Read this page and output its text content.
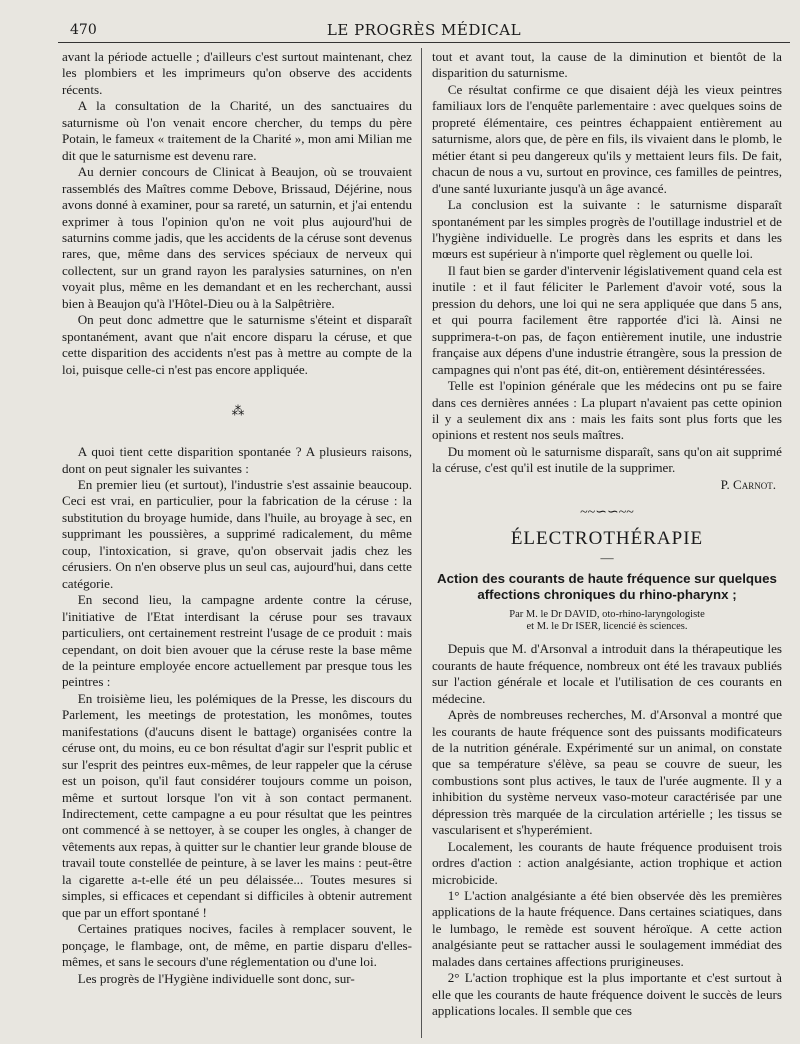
470	LE PROGRÈS MÉDICAL

avant la période actuelle ; d'ailleurs c'est surtout maintenant, chez les plombiers et les imprimeurs qu'on observe des accidents récents.

A la consultation de la Charité, un des sanctuaires du saturnisme où l'on venait encore chercher, du temps du père Potain, le fameux « traitement de la Charité », mon ami Milian me dit que le saturnisme est devenu rare.

Au dernier concours de Clinicat à Beaujon, où se trouvaient rassemblés des Maîtres comme Debove, Brissaud, Déjérine, nous avons donné à examiner, pour sa rareté, un saturnin, et j'ai entendu exprimer à tous l'opinion qu'on ne voit plus aujourd'hui de saturnins comme jadis, que les accidents de la céruse sont devenus rares, que, même dans des services spéciaux de nerveux qui collectent, sur un grand rayon les paralysies saturnines, on n'en voyait plus, même en les demandant et en les recherchant, aussi bien à Beaujon qu'à l'Hôtel-Dieu ou à la Salpêtrière.

On peut donc admettre que le saturnisme s'éteint et disparaît spontanément, avant que n'ait encore disparu la céruse, et que cette disparition des accidents n'est pas à mettre au compte de la loi, puisque celle-ci n'est pas encore appliquée.

⁂

A quoi tient cette disparition spontanée ? A plusieurs raisons, dont on peut signaler les suivantes :

En premier lieu (et surtout), l'industrie s'est assainie beaucoup. Ceci est vrai, en particulier, pour la fabrication de la céruse : la substitution du broyage humide, dans l'huile, au broyage à sec, en supprimant les poussières, a supprimé radicalement, du même coup, l'intoxication, si grave, qu'on observait jadis chez les cérusiers. On n'en observe plus un seul cas, aujourd'hui, dans cette catégorie.

En second lieu, la campagne ardente contre la céruse, l'initiative de l'Etat interdisant la céruse pour ses travaux particuliers, ont certainement restreint l'usage de ce produit : mais cependant, on doit bien avouer que la céruse reste la base même de la peinture employée encore actuellement par presque tous les peintres :

En troisième lieu, les polémiques de la Presse, les discours du Parlement, les meetings de protestation, les monômes, toutes manifestations (d'aucuns disent le battage) organisées contre la céruse ont, du moins, eu ce bon résultat d'agir sur l'esprit public et sur l'esprit des peintres eux-mêmes, de leur rappeler que la céruse est un poison, qu'il faut considérer toujours comme un poison, même et surtout lorsque l'on vit à son contact permanent. Indirectement, cette campagne a eu pour résultat que les peintres ont commencé à se nettoyer, à se couper les ongles, à changer de vêtements aux repas, à quitter sur le chantier leur grande blouse de travail toute constellée de peinture, à se laver les mains : peut-être la cigarette a-t-elle été un peu délaissée... Toutes mesures si simples, si efficaces et cependant si difficiles à obtenir autrement que par un effort spontané !

Certaines pratiques nocives, faciles à remplacer souvent, le ponçage, le flambage, ont, de même, en partie disparu d'elles-mêmes, et sans le secours d'une réglementation ou d'une loi.

Les progrès de l'Hygiène individuelle sont donc, sur-

tout et avant tout, la cause de la diminution et bientôt de la disparition du saturnisme.

Ce résultat confirme ce que disaient déjà les vieux peintres familiaux lors de l'enquête parlementaire : avec quelques soins de propreté élémentaire, ces peintres échappaient entièrement au saturnisme, alors que, de père en fils, ils vivaient dans le plomb, le métier étant si peu dangereux qu'ils y mettaient leurs fils. De fait, chacun de nous a vu, surtout en province, ces familles de peintres, d'une santé luxuriante jusqu'à un âge avancé.

La conclusion est la suivante : le saturnisme disparaît spontanément par les simples progrès de l'outillage industriel et de l'hygiène individuelle. Le progrès dans les esprits et dans les mœurs est supérieur à n'importe quel règlement ou quelle loi.

Il faut bien se garder d'intervenir législativement quand cela est inutile : et il faut féliciter le Parlement d'avoir voté, sous la pression du dehors, une loi qui ne sera appliquée que dans 5 ans, et qui pourra facilement être rapportée d'ici là. Ainsi ne supprimera-t-on pas, de façon entièrement inutile, une industrie française aux dépens d'une industrie étrangère, sous la pression de campagnes qui n'ont pas été, dit-on, entièrement désintéressées.

Telle est l'opinion générale que les médecins ont pu se faire dans ces dernières années : La plupart n'avaient pas cette opinion il y a seulement dix ans : mais les faits sont plus forts que les opinions et restent nos seuls maîtres.

Du moment où le saturnisme disparaît, sans qu'on ait supprimé la céruse, c'est qu'il est inutile de la supprimer.

P. Carnot.
~~∽∽~~
ÉLECTROTHÉRAPIE
—
Action des courants de haute fréquence sur quelques affections chroniques du rhino-pharynx ;
Par M. le Dr DAVID, oto-rhino-laryngologiste
et M. le Dr ISER, licencié ès sciences.

Depuis que M. d'Arsonval a introduit dans la thérapeutique les courants de haute fréquence, nombreux ont été les travaux publiés sur l'action générale et locale et l'utilisation de ces courants en médecine.

Après de nombreuses recherches, M. d'Arsonval a montré que les courants de haute fréquence sont des puissants modificateurs de la nutrition générale. Expérimenté sur un animal, on constate que sa température s'élève, sa peau se couvre de sueur, les combustions sont plus actives, le taux de l'urée augmente. Il y a inhibition du système nerveux vaso-moteur caractérisée par une dépression très marquée de la circulation artérielle ; les tissus se vascularisent et s'hyperémient.

Localement, les courants de haute fréquence produisent trois ordres d'action : action analgésiante, action trophique et action microbicide.

1° L'action analgésiante a été bien observée dès les premières applications de la haute fréquence. Dans certaines sciatiques, dans le lumbago, le remède est souvent héroïque. A cette action analgésiante peut se rattacher aussi le soulagement immédiat des malades dans certaines affections prurigineuses.

2° L'action trophique est la plus importante et c'est surtout à elle que les courants de haute fréquence doivent le succès de leurs applications locales. Il semble que ces
